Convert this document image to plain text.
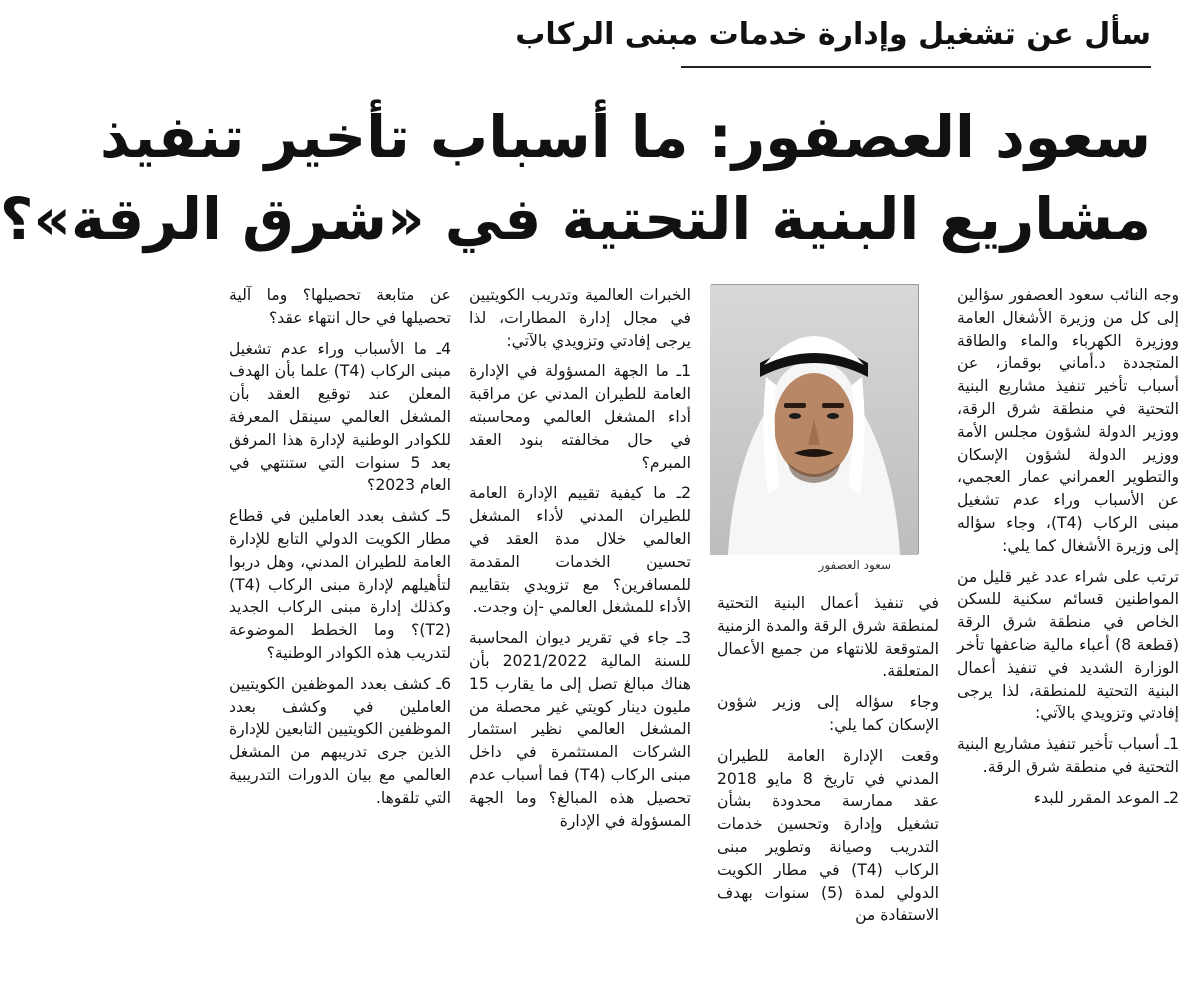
سأل عن تشغيل وإدارة خدمات مبنى الركاب
سعود العصفور: ما أسباب تأخير تنفيذ
مشاريع البنية التحتية في «شرق الرقة»؟

وجه النائب سعود العصفور سؤالين إلى كل من وزيرة الأشغال العامة ووزيرة الكهرباء والماء والطاقة المتجددة د.أماني بوقماز، عن أسباب تأخير تنفيذ مشاريع البنية التحتية في منطقة شرق الرقة، ووزير الدولة لشؤون مجلس الأمة ووزير الدولة لشؤون الإسكان والتطوير العمراني عمار العجمي، عن الأسباب وراء عدم تشغيل مبنى الركاب (T4)، وجاء سؤاله إلى وزيرة الأشغال كما يلي:

ترتب على شراء عدد غير قليل من المواطنين قسائم سكنية للسكن الخاص في منطقة شرق الرقة (قطعة 8) أعباء مالية ضاعفها تأخر الوزارة الشديد في تنفيذ أعمال البنية التحتية للمنطقة، لذا يرجى إفادتي وتزويدي بالآتي:

1ـ أسباب تأخير تنفيذ مشاريع البنية التحتية في منطقة شرق الرقة.

2ـ الموعد المقرر للبدء

سعود العصفور

في تنفيذ أعمال البنية التحتية لمنطقة شرق الرقة والمدة الزمنية المتوقعة للانتهاء من جميع الأعمال المتعلقة.

وجاء سؤاله إلى وزير شؤون الإسكان كما يلي:

وقعت الإدارة العامة للطيران المدني في تاريخ 8 مايو 2018 عقد ممارسة محدودة بشأن تشغيل وإدارة وتحسين خدمات التدريب وصيانة وتطوير مبنى الركاب (T4) في مطار الكويت الدولي لمدة (5) سنوات بهدف الاستفادة من

الخبرات العالمية وتدريب الكويتيين في مجال إدارة المطارات، لذا يرجى إفادتي وتزويدي بالآتي:

1ـ ما الجهة المسؤولة في الإدارة العامة للطيران المدني عن مراقبة أداء المشغل العالمي ومحاسبته في حال مخالفته بنود العقد المبرم؟

2ـ ما كيفية تقييم الإدارة العامة للطيران المدني لأداء المشغل العالمي خلال مدة العقد في تحسين الخدمات المقدمة للمسافرين؟ مع تزويدي بتقاييم الأداء للمشغل العالمي -إن وجدت.

3ـ جاء في تقرير ديوان المحاسبة للسنة المالية 2021/2022 بأن هناك مبالغ تصل إلى ما يقارب 15 مليون دينار كويتي غير محصلة من المشغل العالمي نظير استثمار الشركات المستثمرة في داخل مبنى الركاب (T4) فما أسباب عدم تحصيل هذه المبالغ؟ وما الجهة المسؤولة في الإدارة

عن متابعة تحصيلها؟ وما آلية تحصيلها في حال انتهاء عقد؟

4ـ ما الأسباب وراء عدم تشغيل مبنى الركاب (T4) علما بأن الهدف المعلن عند توقيع العقد بأن المشغل العالمي سينقل المعرفة للكوادر الوطنية لإدارة هذا المرفق بعد 5 سنوات التي ستنتهي في العام 2023؟

5ـ كشف بعدد العاملين في قطاع مطار الكويت الدولي التابع للإدارة العامة للطيران المدني، وهل دربوا لتأهيلهم لإدارة مبنى الركاب (T4) وكذلك إدارة مبنى الركاب الجديد (T2)؟ وما الخطط الموضوعة لتدريب هذه الكوادر الوطنية؟

6ـ كشف بعدد الموظفين الكويتيين العاملين في وكشف بعدد الموظفين الكويتيين التابعين للإدارة الذين جرى تدريبهم من المشغل العالمي مع بيان الدورات التدريبية التي تلقوها.
